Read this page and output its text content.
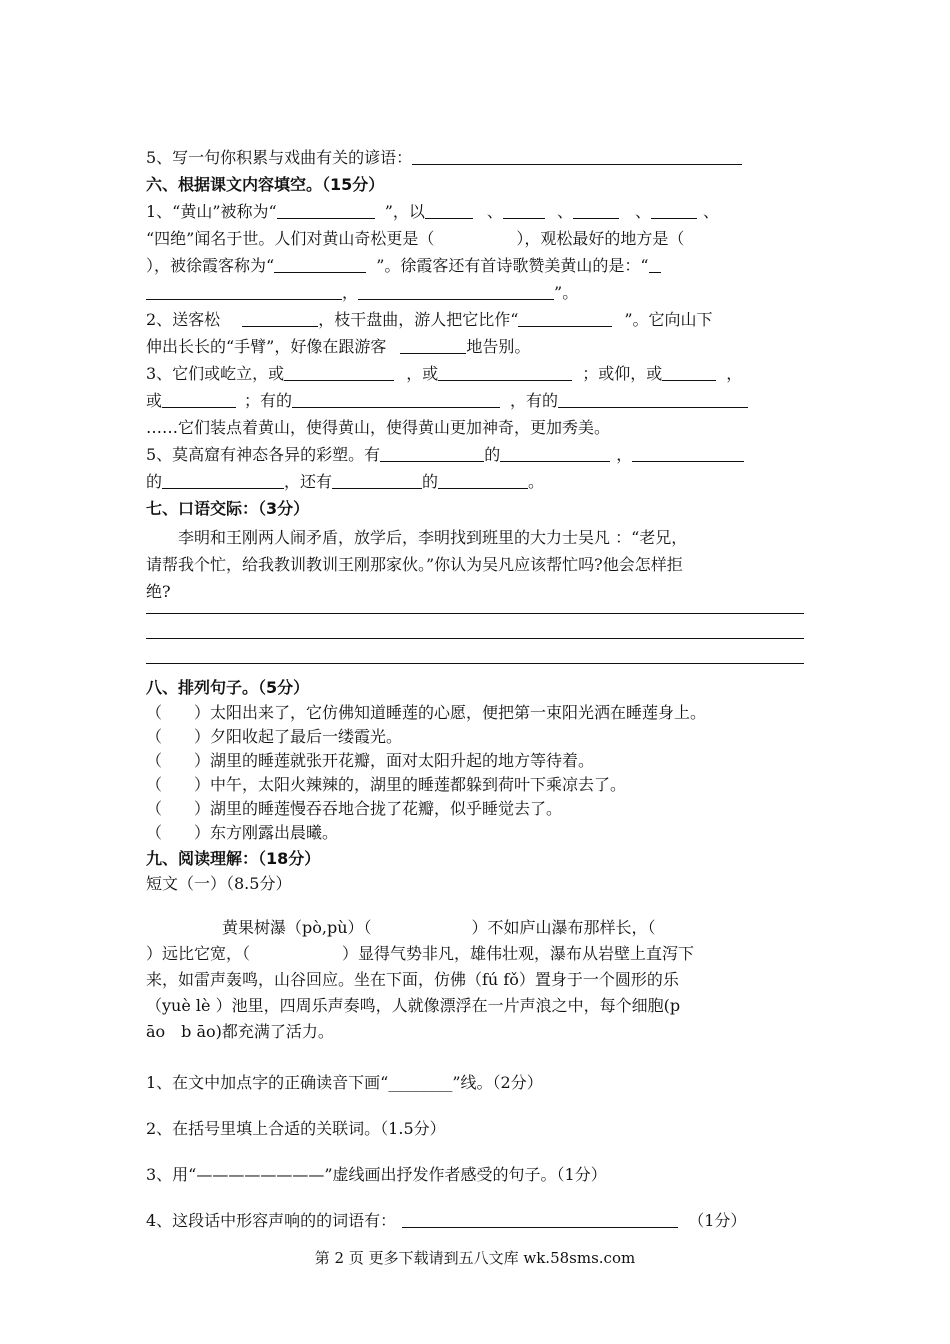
5、写一句你积累与戏曲有关的谚语：
六、根据课文内容填空。（15分）
1、“黄山”被称为“	”，以	、	、	、	、
“四绝”闻名于世。人们对黄山奇松更是（	），观松最好的地方是（
），被徐霞客称为“	”。徐霞客还有首诗歌赞美黄山的是：“
，	”。
2、送客松	，枝干盘曲，游人把它比作“	”。它向山下
伸出长长的“手臂”，好像在跟游客	地告别。
3、它们或屹立，或	，或	；或仰，或	，
或	；有的	，有的
……它们装点着黄山，使得黄山，使得黄山更加神奇，更加秀美。
5、莫高窟有神态各异的彩塑。有	的	，
的	，还有	的	。
七、口语交际：（3分）
李明和王刚两人闹矛盾，放学后，李明找到班里的大力士吴凡 ：“老兄，
请帮我个忙，给我教训教训王刚那家伙。”你认为吴凡应该帮忙吗?他会怎样拒
绝?
八、排列句子。（5分）
（　　）太阳出来了，它仿佛知道睡莲的心愿，便把第一束阳光洒在睡莲身上。
（　　）夕阳收起了最后一缕霞光。
（　　）湖里的睡莲就张开花瓣，面对太阳升起的地方等待着。
（　　）中午，太阳火辣辣的，湖里的睡莲都躲到荷叶下乘凉去了。
（　　）湖里的睡莲慢吞吞地合拢了花瓣，似乎睡觉去了。
（　　）东方刚露出晨曦。
九、阅读理解：（18分）
短文（一）（8.5分）
黄果树瀑（pò,pù）（	）不如庐山瀑布那样长，（
）远比它宽，（	）显得气势非凡，雄伟壮观，瀑布从岩壁上直泻下
来，如雷声轰鸣，山谷回应。坐在下面，仿佛（fú fǒ）置身于一个圆形的乐
（yuè lè ）池里，四周乐声奏鸣，人就像漂浮在一片声浪之中，每个细胞(p
āo　b āo)都充满了活力。
1、在文中加点字的正确读音下画“________”线。（2分）
2、在括号里填上合适的关联词。（1.5分）
3、用“————————”虚线画出抒发作者感受的句子。（1分）
4、这段话中形容声响的的词语有：	（1分）
第 2 页 更多下载请到五八文库 wk.58sms.com
